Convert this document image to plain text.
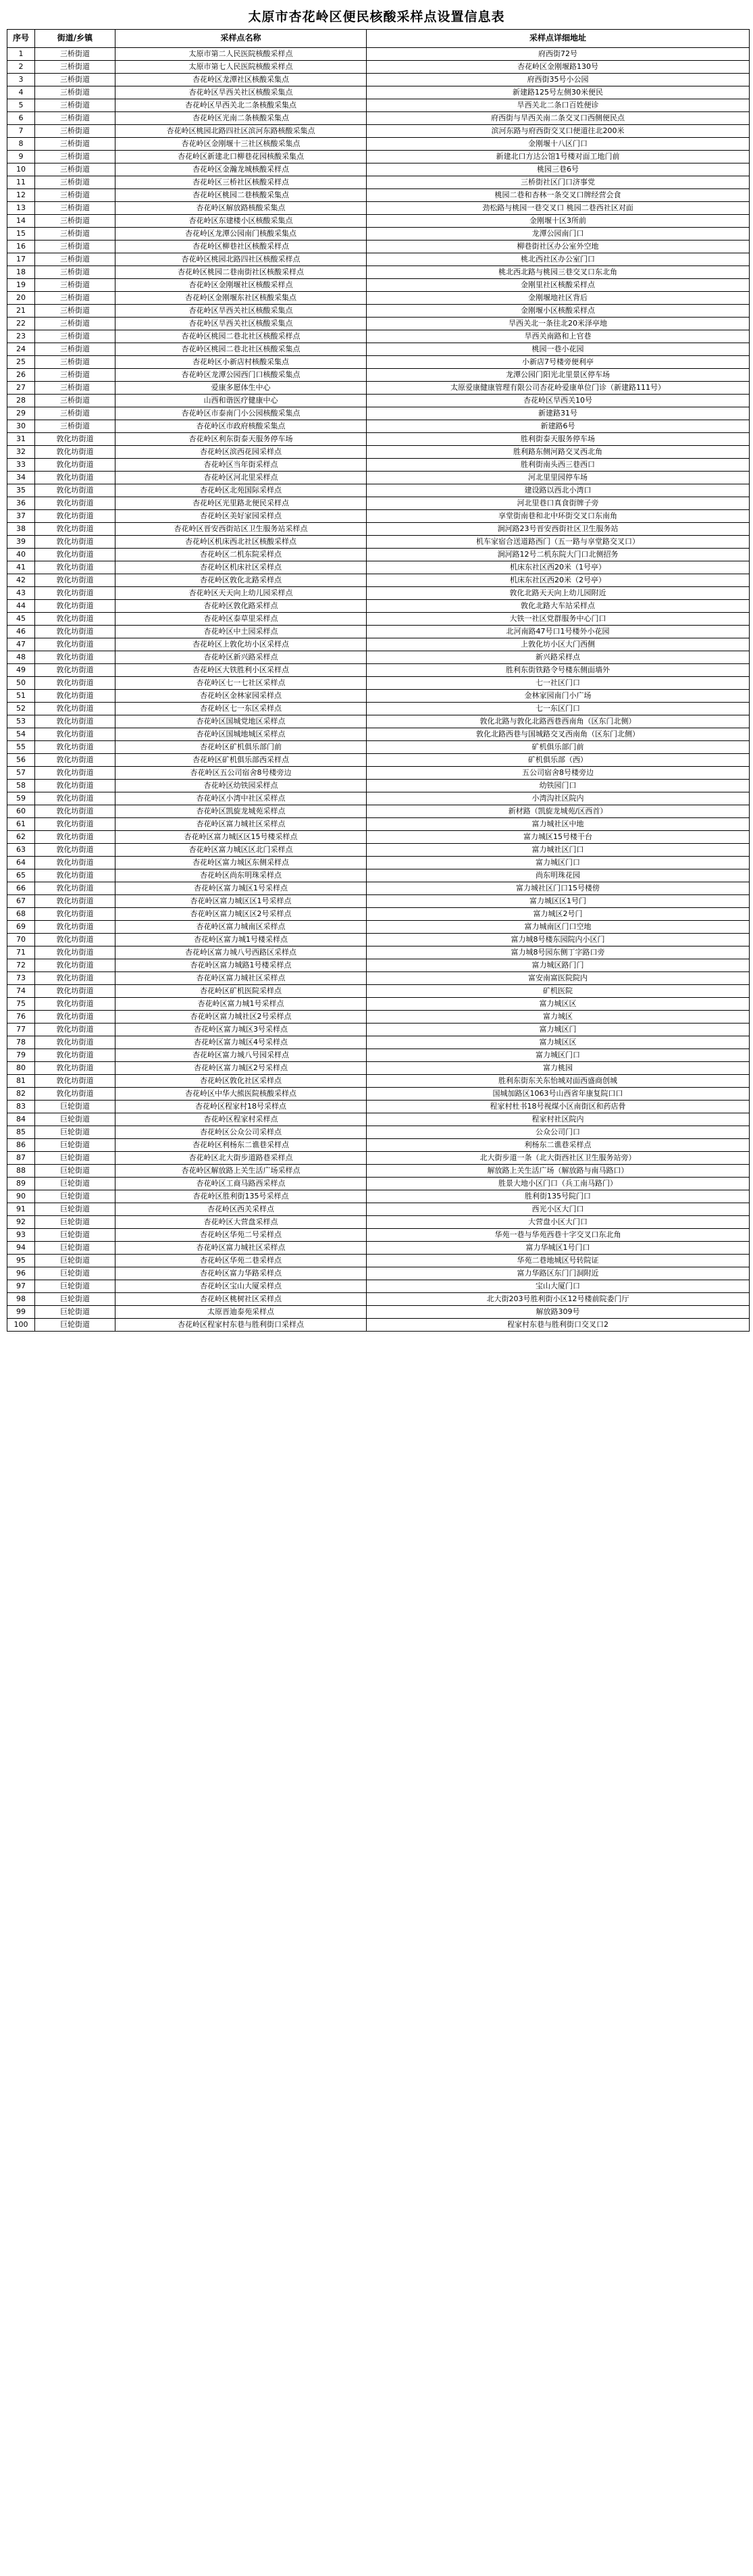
太原市杏花岭区便民核酸采样点设置信息表
序号	街道/乡镇	采样点名称	采样点详细地址
1	三桥街道	太原市第二人民医院核酸采样点	府西街72号
2	三桥街道	太原市第七人民医院核酸采样点	杏花岭区金刚堰路130号
3	三桥街道	杏花岭区龙潭社区核酸采集点	府西街35号小公园
4	三桥街道	杏花岭区旱西关社区核酸采集点	新建路125号左侧30米便民
5	三桥街道	杏花岭区旱西关北二条核酸采集点	旱西关北二条口百姓便诊
6	三桥街道	杏花岭区光南二条核酸采集点	府西街与旱西关南二条交叉口西侧便民点
7	三桥街道	杏花岭区桃园北路四社区滨河东路核酸采集点	滨河东路与府西街交叉口便道往北200米
8	三桥街道	杏花岭区金刚堰十三社区核酸采集点	金刚堰十八区门口
9	三桥街道	杏花岭区新建北口柳巷花园核酸采集点	新建北口方达公馆1号楼对面工地门前
10	三桥街道	杏花岭区金瀚龙城核酸采样点	桃园三巷6号
11	三桥街道	杏花岭区三桥社区核酸采样点	三桥街社区门口济事党
12	三桥街道	杏花岭区桃园二巷核酸采集点	桃园二巷和杏林一条交叉口牌经营会食
13	三桥街道	杏花岭区解放路核酸采集点	劲松路与桃园一巷交叉口 桃园二巷西社区对面
14	三桥街道	杏花岭区东建楼小区核酸采集点	金刚堰十区3所前
15	三桥街道	杏花岭区龙潭公园南门核酸采集点	龙潭公园南门口
16	三桥街道	杏花岭区柳巷社区核酸采样点	柳巷街社区办公室外空地
17	三桥街道	杏花岭区桃园北路四社区核酸采样点	桃北西社区办公室门口
18	三桥街道	杏花岭区桃园二巷南街社区核酸采样点	桃北西北路与桃园三巷交叉口东北角
19	三桥街道	杏花岭区金刚堰社区核酸采样点	金刚里社区核酸采样点
20	三桥街道	杏花岭区金刚堰东社区核酸采集点	金刚堰地社区背后
21	三桥街道	杏花岭区旱西关社区核酸采集点	金刚堰小区核酸采样点
22	三桥街道	杏花岭区旱西关社区核酸采集点	旱西关北一条往北20米泽亭地
23	三桥街道	杏花岭区桃园二巷北社区核酸采样点	旱西关南路和上官巷
24	三桥街道	杏花岭区桃园二巷北社区核酸采集点	桃园一巷小花园
25	三桥街道	杏花岭区小新店村核酸采集点	小新店7号楼旁便利亭
26	三桥街道	杏花岭区龙潭公园西门口核酸采集点	龙潭公园门阳光北里景区停车场
27	三桥街道	爱康多愿体生中心	太原爱康健康管理有限公司杏花岭爱康单位门诊（新建路111号）
28	三桥街道	山西和谐医疗健康中心	杏花岭区旱西关10号
29	三桥街道	杏花岭区市泰南门小公园核酸采集点	新建路31号
30	三桥街道	杏花岭区市政府核酸采集点	新建路6号
31	敦化坊街道	杏花岭区利东街泰天服务停车场	胜利街泰天服务停车场
32	敦化坊街道	杏花岭区滨西花园采样点	胜利路东侧河路交叉西北角
33	敦化坊街道	杏花岭区当年街采样点	胜利街南头西三巷西口
34	敦化坊街道	杏花岭区河北里采样点	河北里里园停车场
35	敦化坊街道	杏花岭区北苑国际采样点	建设路以西北小湾口
36	敦化坊街道	杏花岭区光里路北便民采样点	河北里巷口真食街牌子旁
37	敦化坊街道	杏花岭区美好家园采样点	享堂街南巷和北中环街交叉口东南角
38	敦化坊街道	杏花岭区晋安西街站区卫生服务站采样点	涧河路23号晋安西街社区卫生服务站
39	敦化坊街道	杏花岭区机床西北社区核酸采样点	机车家宿合送道路西门（五一路与享堂路交叉口）
40	敦化坊街道	杏花岭区二机东院采样点	涧河路12号二机东院大门口北侧招务
41	敦化坊街道	杏花岭区机床社区采样点	机床东社区西20米（1号亭）
42	敦化坊街道	杏花岭区敦化北路采样点	机床东社区西20米（2号亭）
43	敦化坊街道	杏花岭区天天向上幼儿园采样点	敦化北路天天向上幼儿园附近
44	敦化坊街道	杏花岭区敦化路采样点	敦化北路大车站采样点
45	敦化坊街道	杏花岭区泰草里采样点	大铁一社区党群服务中心门口
46	敦化坊街道	杏花岭区中土园采样点	北河南路47号口1号楼外小花园
47	敦化坊街道	杏花岭区上敦化坊小区采样点	上敦化坊小区大门西侧
48	敦化坊街道	杏花岭区新兴路采样点	新兴路采样点
49	敦化坊街道	杏花岭区大铁胜利小区采样点	胜利东街铁路令号楼东侧面墙外
50	敦化坊街道	杏花岭区七一七社区采样点	七一社区门口
51	敦化坊街道	杏花岭区金林家园采样点	金林家园南门小广场
52	敦化坊街道	杏花岭区七一东区采样点	七一东区门口
53	敦化坊街道	杏花岭区国城党地区采样点	敦化北路与敦化北路西巷西南角（区东门北侧）
54	敦化坊街道	杏花岭区国城地城区采样点	敦化北路西巷与国城路交叉西南角（区东门北侧）
55	敦化坊街道	杏花岭区矿机俱乐部门前	矿机俱乐部门前
56	敦化坊街道	杏花岭区矿机俱乐部西采样点	矿机俱乐部（西）
57	敦化坊街道	杏花岭区五公司宿舍8号楼旁边	五公司宿舍8号楼旁边
58	敦化坊街道	杏花岭区幼铁园采样点	幼铁园门口
59	敦化坊街道	杏花岭区小湾中社区采样点	小湾沟社区院内
60	敦化坊街道	杏花岭区凯旋龙城苑采样点	新材路（凯旋龙城苑/区西首）
61	敦化坊街道	杏花岭区富力城社区采样点	富力城社区中地
62	敦化坊街道	杏花岭区富力城区区15号楼采样点	富力城区15号楼干台
63	敦化坊街道	杏花岭区富力城区区北门采样点	富力城社区门口
64	敦化坊街道	杏花岭区富力城区东侧采样点	富力城区门口
65	敦化坊街道	杏花岭区尚东明珠采样点	尚东明珠花园
66	敦化坊街道	杏花岭区富力城区1号采样点	富力城社区门口15号楼傍
67	敦化坊街道	杏花岭区富力城区区1号采样点	富力城区区1号门
68	敦化坊街道	杏花岭区富力城区区2号采样点	富力城区2号门
69	敦化坊街道	杏花岭区富力城南区采样点	富力城南区门口空地
70	敦化坊街道	杏花岭区富力城1号楼采样点	富力城8号楼东园院内小区门
71	敦化坊街道	杏花岭区富力城八号西路区采样点	富力城8号园东侧丁字路口旁
72	敦化坊街道	杏花岭区富力城路1号楼采样点	富力城区路门门
73	敦化坊街道	杏花岭区富力城社区采样点	富安南富医院院内
74	敦化坊街道	杏花岭区矿机医院采样点	矿机医院
75	敦化坊街道	杏花岭区富力城1号采样点	富力城区区
76	敦化坊街道	杏花岭区富力城社区2号采样点	富力城区
77	敦化坊街道	杏花岭区富力城区3号采样点	富力城区门
78	敦化坊街道	杏花岭区富力城区4号采样点	富力城区区
79	敦化坊街道	杏花岭区富力城八号园采样点	富力城区门口
80	敦化坊街道	杏花岭区富力城区2号采样点	富力桃园
81	敦化坊街道	杏花岭区敦化社区采样点	胜利东街东关东怡城对面西盛商创城
82	敦化坊街道	杏花岭区中华大熊医院核酸采样点	国城加路区1063号山西省年康复院口口
83	巨轮街道	杏花岭区程家村18号采样点	程家村杜书18号视煤小区南街区和药店骨
84	巨轮街道	杏花岭区程家村采样点	程家村社区院内
85	巨轮街道	杏花岭区公众公司采样点	公众公司门口
86	巨轮街道	杏花岭区利杨东二谯巷采样点	利杨东二谯巷采样点
87	巨轮街道	杏花岭区北大街步道路巷采样点	北大街步道一条（北大街西社区卫生服务站旁）
88	巨轮街道	杏花岭区解放路上关生活广场采样点	解放路上关生活广场（解放路与南马路口）
89	巨轮街道	杏花岭区工商马路西采样点	胜景大地小区门口（兵工南马路门）
90	巨轮街道	杏花岭区胜利街135号采样点	胜利街135号院门口
91	巨轮街道	杏花岭区西关采样点	西光小区大门口
92	巨轮街道	杏花岭区大营盘采样点	大营盘小区大门口
93	巨轮街道	杏花岭区华苑二号采样点	华苑一巷与华苑西巷十字交叉口东北角
94	巨轮街道	杏花岭区富力城社区采样点	富力华城区1号门口
95	巨轮街道	杏花岭区华苑二巷采样点	华苑二巷地城区号转院证
96	巨轮街道	杏花岭区富力华路采样点	富力华路区东门门洞附近
97	巨轮街道	杏花岭区宝山大厦采样点	宝山大厦门口
98	巨轮街道	杏花岭区桃树社区采样点	北大街203号胜利街小区12号楼前院委门厅
99	巨轮街道	太原晋迪泰苑采样点	解放路309号
100	巨轮街道	杏花岭区程家村东巷与胜利街口采样点	程家村东巷与胜利街口交叉口2
